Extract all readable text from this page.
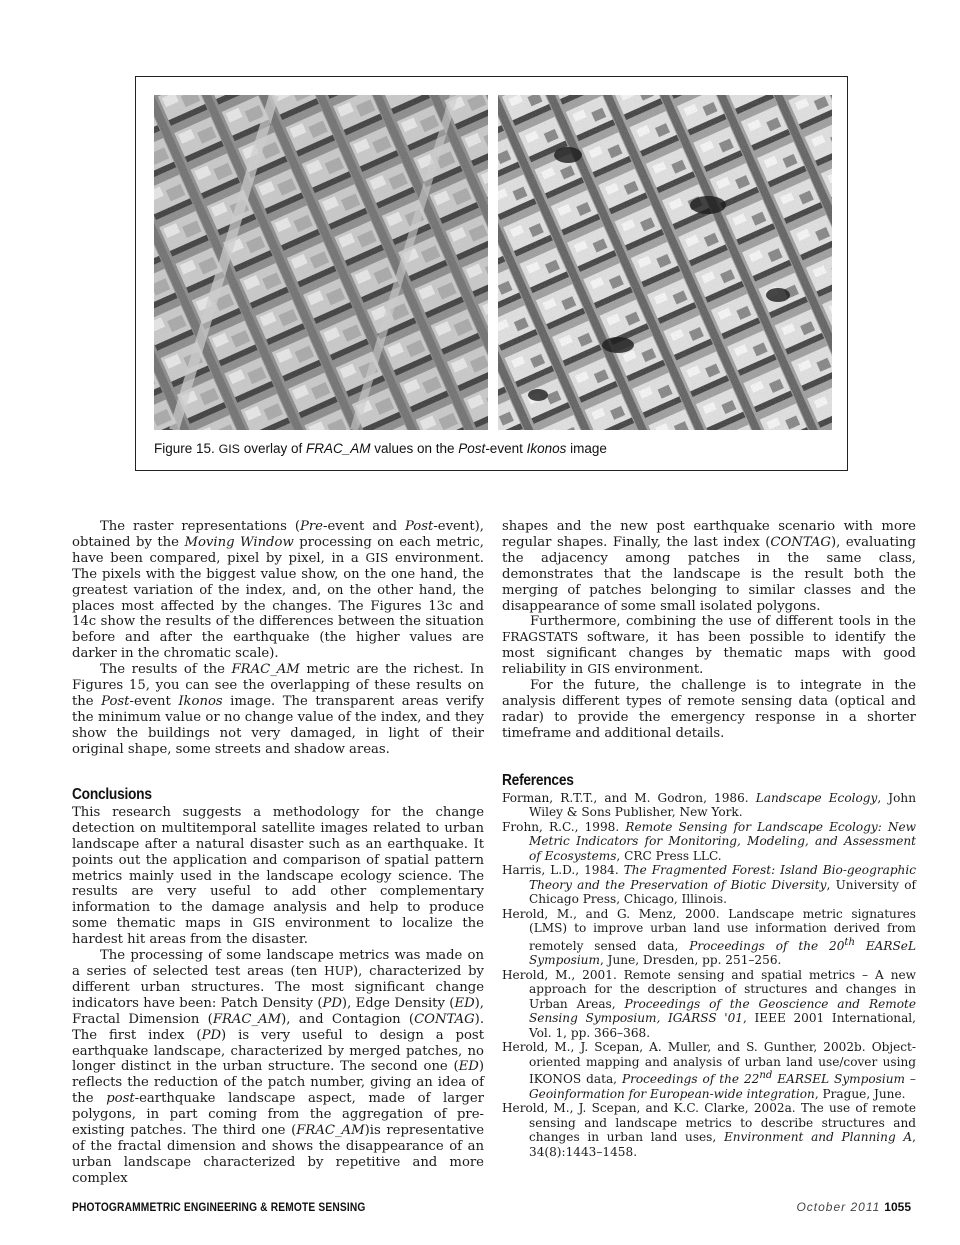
Figure 15. GIS overlay of FRAC_AM values on the Post-event Ikonos image

The raster representations (Pre-event and Post-event), obtained by the Moving Window processing on each metric, have been compared, pixel by pixel, in a GIS environment. The pixels with the biggest value show, on the one hand, the greatest variation of the index, and, on the other hand, the places most affected by the changes. The Figures 13c and 14c show the results of the differences between the situation before and after the earthquake (the higher values are darker in the chromatic scale).

The results of the FRAC_AM metric are the richest. In Figures 15, you can see the overlapping of these results on the Post-event Ikonos image. The transparent areas verify the minimum value or no change value of the index, and they show the buildings not very damaged, in light of their original shape, some streets and shadow areas.

Conclusions

This research suggests a methodology for the change detection on multitemporal satellite images related to urban landscape after a natural disaster such as an earthquake. It points out the application and comparison of spatial pattern metrics mainly used in the landscape ecology science. The results are very useful to add other complementary information to the damage analysis and help to produce some thematic maps in GIS environment to localize the hardest hit areas from the disaster.

The processing of some landscape metrics was made on a series of selected test areas (ten HUP), characterized by different urban structures. The most significant change indicators have been: Patch Density (PD), Edge Density (ED), Fractal Dimension (FRAC_AM), and Contagion (CONTAG). The first index (PD) is very useful to design a post earthquake landscape, characterized by merged patches, no longer distinct in the urban structure. The second one (ED) reflects the reduction of the patch number, giving an idea of the post-earthquake landscape aspect, made of larger polygons, in part coming from the aggregation of pre-existing patches. The third one (FRAC_AM)is representative of the fractal dimension and shows the disappearance of an urban landscape characterized by repetitive and more complex

shapes and the new post earthquake scenario with more regular shapes. Finally, the last index (CONTAG), evaluating the adjacency among patches in the same class, demonstrates that the landscape is the result both the merging of patches belonging to similar classes and the disappearance of some small isolated polygons.

Furthermore, combining the use of different tools in the FRAGSTATS software, it has been possible to identify the most significant changes by thematic maps with good reliability in GIS environment.

For the future, the challenge is to integrate in the analysis different types of remote sensing data (optical and radar) to provide the emergency response in a shorter timeframe and additional details.

References

Forman, R.T.T., and M. Godron, 1986. Landscape Ecology, John Wiley & Sons Publisher, New York.

Frohn, R.C., 1998. Remote Sensing for Landscape Ecology: New Metric Indicators for Monitoring, Modeling, and Assessment of Ecosystems, CRC Press LLC.

Harris, L.D., 1984. The Fragmented Forest: Island Bio-geographic Theory and the Preservation of Biotic Diversity, University of Chicago Press, Chicago, Illinois.

Herold, M., and G. Menz, 2000. Landscape metric signatures (LMS) to improve urban land use information derived from remotely sensed data, Proceedings of the 20th EARSeL Symposium, June, Dresden, pp. 251–256.

Herold, M., 2001. Remote sensing and spatial metrics – A new approach for the description of structures and changes in Urban Areas, Proceedings of the Geoscience and Remote Sensing Symposium, IGARSS '01, IEEE 2001 International, Vol. 1, pp. 366–368.

Herold, M., J. Scepan, A. Muller, and S. Gunther, 2002b. Object-oriented mapping and analysis of urban land use/cover using IKONOS data, Proceedings of the 22nd EARSEL Symposium – Geoinformation for European-wide integration, Prague, June.

Herold, M., J. Scepan, and K.C. Clarke, 2002a. The use of remote sensing and landscape metrics to describe structures and changes in urban land uses, Environment and Planning A, 34(8):1443–1458.

PHOTOGRAMMETRIC ENGINEERING & REMOTE SENSING	October 2011 1055
